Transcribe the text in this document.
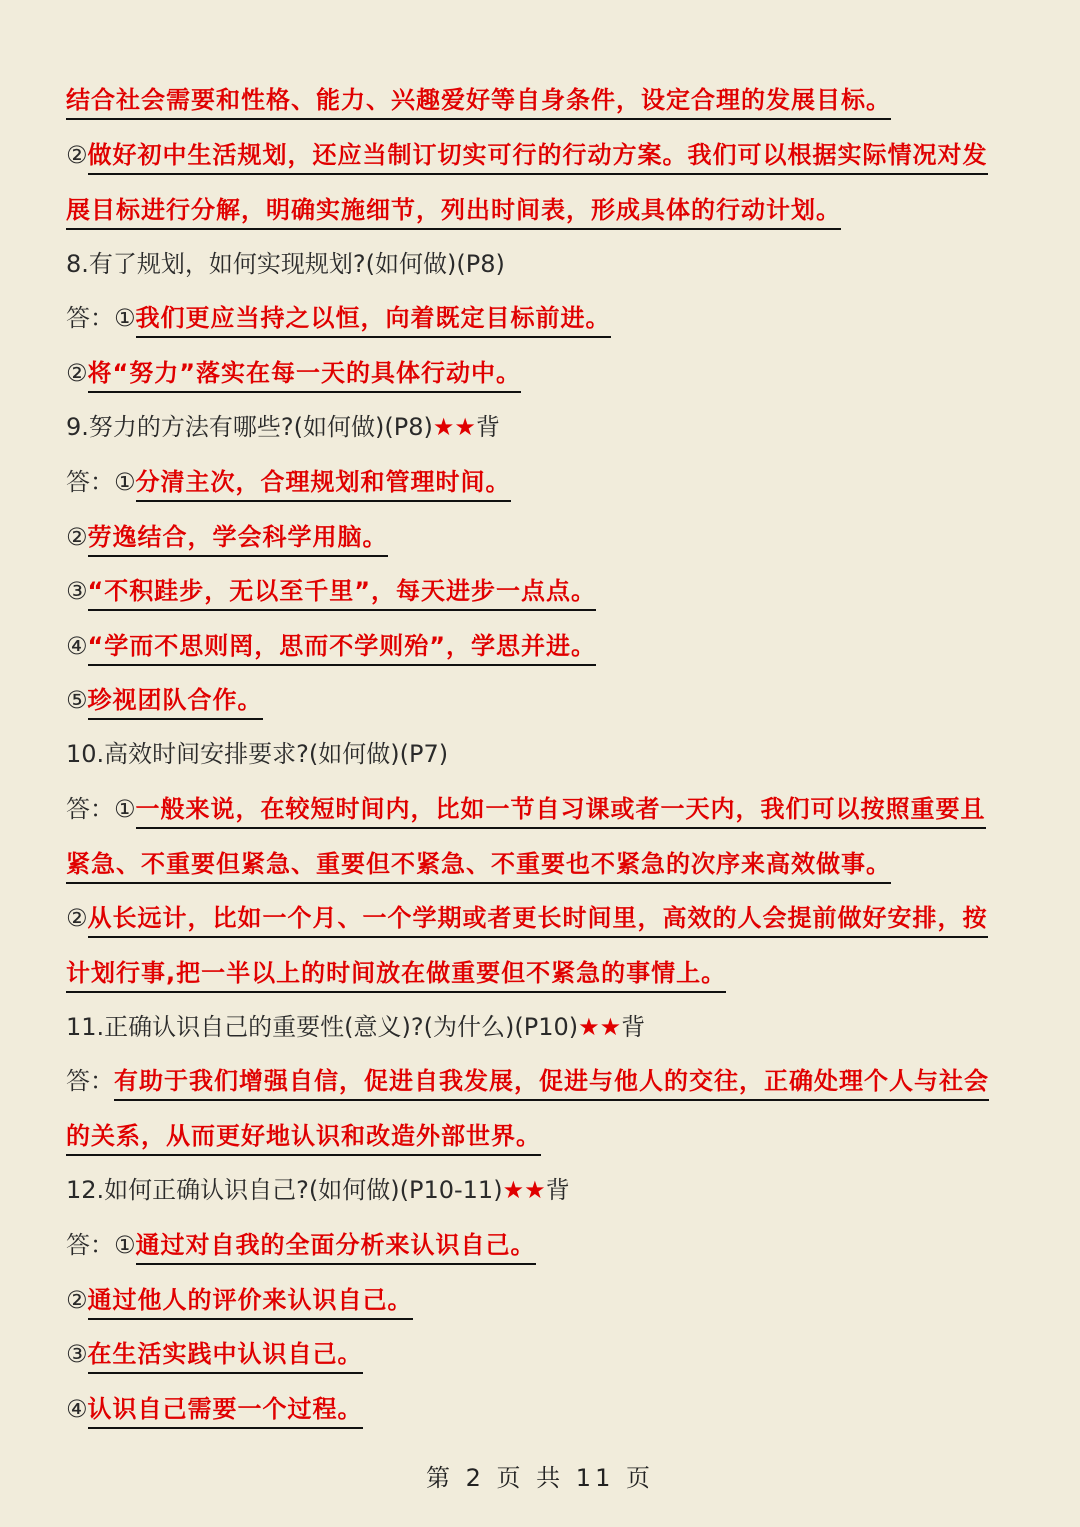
结合社会需要和性格、能力、兴趣爱好等自身条件，设定合理的发展目标。
②做好初中生活规划，还应当制订切实可行的行动方案。我们可以根据实际情况对发
展目标进行分解，明确实施细节，列出时间表，形成具体的行动计划。
8.有了规划，如何实现规划?(如何做)(P8)
答：①我们更应当持之以恒，向着既定目标前进。
②将“努力”落实在每一天的具体行动中。
9.努力的方法有哪些?(如何做)(P8)★★背
答：①分清主次，合理规划和管理时间。
②劳逸结合，学会科学用脑。
③“不积跬步，无以至千里”，每天进步一点点。
④“学而不思则罔，思而不学则殆”，学思并进。
⑤珍视团队合作。
10.高效时间安排要求?(如何做)(P7)
答：①一般来说，在较短时间内，比如一节自习课或者一天内，我们可以按照重要且
紧急、不重要但紧急、重要但不紧急、不重要也不紧急的次序来高效做事。
②从长远计，比如一个月、一个学期或者更长时间里，高效的人会提前做好安排，按
计划行事,把一半以上的时间放在做重要但不紧急的事情上。
11.正确认识自己的重要性(意义)?(为什么)(P10)★★背
答：有助于我们增强自信，促进自我发展，促进与他人的交往，正确处理个人与社会
的关系，从而更好地认识和改造外部世界。
12.如何正确认识自己?(如何做)(P10-11)★★背
答：①通过对自我的全面分析来认识自己。
②通过他人的评价来认识自己。
③在生活实践中认识自己。
④认识自己需要一个过程。
第 2 页 共 11 页
